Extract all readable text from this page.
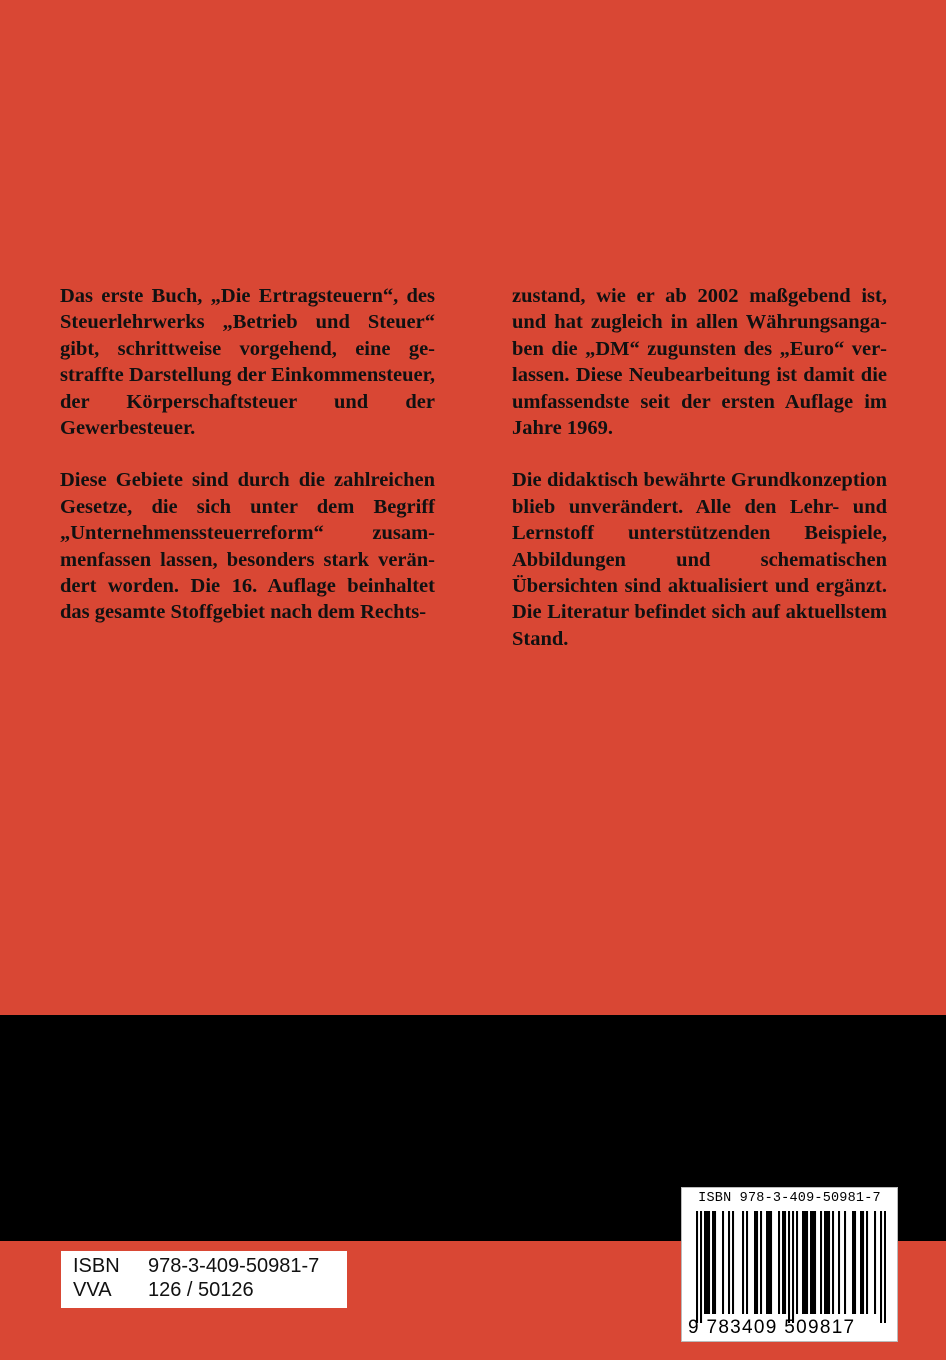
Das erste Buch, „Die Ertragsteuern“, des Steuerlehrwerks „Betrieb und Steuer“ gibt, schrittweise vorgehend, eine gestraffte Darstellung der Einkommensteuer, der Körperschaftsteuer und der Gewerbesteuer.

Diese Gebiete sind durch die zahlreichen Gesetze, die sich unter dem Begriff „Unternehmenssteuerreform“ zusammenfassen lassen, besonders stark verändert worden. Die 16. Auflage beinhaltet das gesamte Stoffgebiet nach dem Rechts-

zustand, wie er ab 2002 maßgebend ist, und hat zugleich in allen Währungsangaben die „DM“ zugunsten des „Euro“ verlassen. Diese Neubearbeitung ist damit die umfassendste seit der ersten Auflage im Jahre 1969.

Die didaktisch bewährte Grundkonzeption blieb unverändert. Alle den Lehr- und Lernstoff unterstützenden Beispiele, Abbildungen und schematischen Übersichten sind aktualisiert und ergänzt. Die Literatur befindet sich auf aktuellstem Stand.

ISBN	978-3-409-50981-7
VVA	126 / 50126
ISBN 978-3-409-50981-7
9 783409 509817
